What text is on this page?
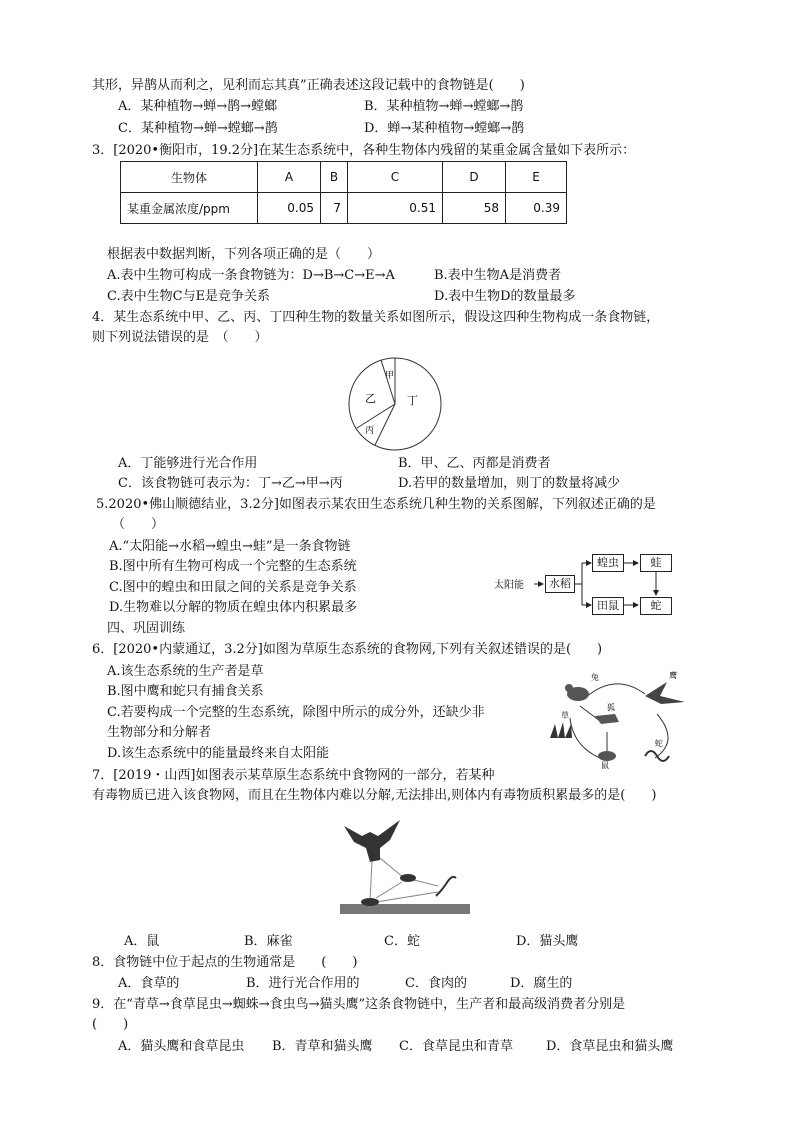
其形，异鹊从而利之，见利而忘其真”正确表述这段记载中的食物链是(　　)
A．某种植物→蝉→鹊→螳螂	B．某种植物→蝉→螳螂→鹊
C．某种植物→蝉→螳螂→鹊	D．蝉→某种植物→螳螂→鹊
3．[2020•衡阳市，19.2分]在某生态系统中，各种生物体内残留的某重金属含量如下表所示：
生物体	A	B	C	D	E
某重金属浓度/ppm	0.05	7	0.51	58	0.39
根据表中数据判断，下列各项正确的是（　　）
A.表中生物可构成一条食物链为：D→B→C→E→A	B.表中生物A是消费者
C.表中生物C与E是竞争关系	D.表中生物D的数量最多
4．某生态系统中甲、乙、丙、丁四种生物的数量关系如图所示，假设这四种生物构成一条食物链，
则下列说法错误的是　（　　）
甲
乙
丙
丁
A．丁能够进行光合作用	B．甲、乙、丙都是消费者
C．该食物链可表示为：丁→乙→甲→丙	D.若甲的数量增加，则丁的数量将减少
5.2020•佛山顺德结业，3.2分]如图表示某农田生态系统几种生物的关系图解，下列叙述正确的是
（　　）
A.“太阳能→水稻→蝗虫→蛙”是一条食物链
B.图中所有生物可构成一个完整的生态系统
C.图中的蝗虫和田鼠之间的关系是竞争关系
D.生物难以分解的物质在蝗虫体内积累最多
太阳能	水稻
蝗虫	蛙
田鼠	蛇
四、巩固训练
6．[2020•内蒙通辽，3.2分]如图为草原生态系统的食物网,下列有关叙述错误的是(　　)
A.该生态系统的生产者是草
B.图中鹰和蛇只有捕食关系
C.若要构成一个完整的生态系统，除图中所示的成分外，还缺少非
生物部分和分解者
D.该生态系统中的能量最终来自太阳能
兔	鹰
狐
草
鼠
蛇
7．[2019・山西]如图表示某草原生态系统中食物网的一部分，若某种
有毒物质已进入该食物网，而且在生物体内难以分解,无法排出,则体内有毒物质积累最多的是(　　)
A．鼠	B．麻雀	C．蛇	D．猫头鹰
8．食物链中位于起点的生物通常是　　(　　)
A．食草的	B．进行光合作用的	C．食肉的	D．腐生的
9．在“青草→食草昆虫→蜘蛛→食虫鸟→猫头鹰”这条食物链中，生产者和最高级消费者分别是
(　　)
A．猫头鹰和食草昆虫 B．青草和猫头鹰 C．食草昆虫和青草	D．食草昆虫和猫头鹰
